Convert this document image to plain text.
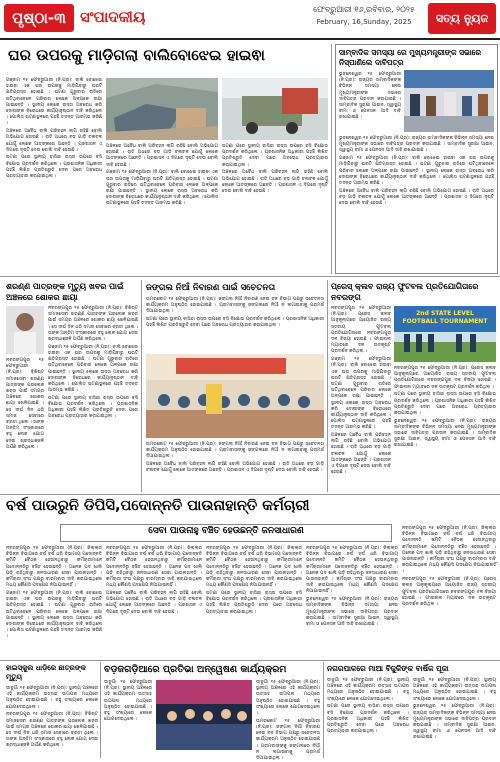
ପୃଷ୍ଠା-୩ ସଂପାଦକୀୟ	ଫେବ୍ରୁଆରୀ ୧୬,ରବିବାର, ୨୦୨୫
February, 16,Sunday, 2025	ସତ୍ୟ ନ୍ୟୁଜ
ଘର ଉପରକୁ ମାଡ଼ିଗଲା ବାଲିବୋଝେଇ ହାଇଵା

ଗଞ୍ଜାମ ୧୫ ଫେବ୍ରୁଆରୀ (ନି.ପ୍ର): ବାଲି ବୋଝେଇ ହାଇଵା ଏକ ଘର ଉପରକୁ ମାଡ଼ିଯିବାରୁ ଘରଟି କ୍ଷତିଗ୍ରସ୍ତ ହୋଇଛି । ଘଟଣା ଗୁରୁବାର ରାତିରେ ଘଟିଥିବାବେଳେ ପରିବାର ଲୋକେ ଅଳ୍ପକେ ରକ୍ଷା ପାଇଛନ୍ତି । ସ୍ଥାନୀୟ ଲୋକେ ରାସ୍ତା ଅବରୋଧ କରି ଦୋଷୀଙ୍କ ବିରୋଧରେ କାର୍ଯ୍ୟାନୁଷ୍ଠାନ ଦାବି କରିଥିଲେ । ପୋଲିସ ଘଟଣାସ୍ଥଳରେ ପହଞ୍ଚି ତଦନ୍ତ ଆରମ୍ଭ କରିଛି ।

ଅଞ୍ଚଳରେ ଅବୈଧ ବାଲି ପରିବହନ ଲାଗି ରହିଛି ବୋଲି ଅଭିଯୋଗ ହୋଇଛି । ରାତି ଅଧରେ ବଡ଼ ଗାଡ଼ି ଚଳାଚଳ ଯୋଗୁଁ ଲୋକେ ଆତଙ୍କରେ ଅଛନ୍ତି । ପ୍ରଶାସନ ଏ ଦିଗରେ ଦୃଷ୍ଟି ଦେଉ ବୋଲି ଦାବି ହେଉଛି ।

ଘଟଣା ପରେ ସ୍ଥାନୀୟ ବାସିନ୍ଦା ରାସ୍ତା ଉପରେ ବସି ବିକ୍ଷୋଭ ପ୍ରଦର୍ଶନ କରିଥିଲେ । ପ୍ରଶାସନିକ ଅଧିକାରୀ ପହଞ୍ଚି ଲିଖିତ ପ୍ରତିଶ୍ରୁତି ଦେବା ପରେ ଅବରୋଧ ପ୍ରତ୍ୟାହାର କରାଯାଇଥିଲା ।

ଅଞ୍ଚଳରେ ଅବୈଧ ବାଲି ପରିବହନ ଲାଗି ରହିଛି ବୋଲି ଅଭିଯୋଗ ହୋଇଛି । ରାତି ଅଧରେ ବଡ଼ ଗାଡ଼ି ଚଳାଚଳ ଯୋଗୁଁ ଲୋକେ ଆତଙ୍କରେ ଅଛନ୍ତି । ପ୍ରଶାସନ ଏ ଦିଗରେ ଦୃଷ୍ଟି ଦେଉ ବୋଲି ଦାବି ହେଉଛି ।

ଗଞ୍ଜାମ ୧୫ ଫେବ୍ରୁଆରୀ (ନି.ପ୍ର): ବାଲି ବୋଝେଇ ହାଇଵା ଏକ ଘର ଉପରକୁ ମାଡ଼ିଯିବାରୁ ଘରଟି କ୍ଷତିଗ୍ରସ୍ତ ହୋଇଛି । ଘଟଣା ଗୁରୁବାର ରାତିରେ ଘଟିଥିବାବେଳେ ପରିବାର ଲୋକେ ଅଳ୍ପକେ ରକ୍ଷା ପାଇଛନ୍ତି । ସ୍ଥାନୀୟ ଲୋକେ ରାସ୍ତା ଅବରୋଧ କରି ଦୋଷୀଙ୍କ ବିରୋଧରେ କାର୍ଯ୍ୟାନୁଷ୍ଠାନ ଦାବି କରିଥିଲେ । ପୋଲିସ ଘଟଣାସ୍ଥଳରେ ପହଞ୍ଚି ତଦନ୍ତ ଆରମ୍ଭ କରିଛି ।

ଘଟଣା ପରେ ସ୍ଥାନୀୟ ବାସିନ୍ଦା ରାସ୍ତା ଉପରେ ବସି ବିକ୍ଷୋଭ ପ୍ରଦର୍ଶନ କରିଥିଲେ । ପ୍ରଶାସନିକ ଅଧିକାରୀ ପହଞ୍ଚି ଲିଖିତ ପ୍ରତିଶ୍ରୁତି ଦେବା ପରେ ଅବରୋଧ ପ୍ରତ୍ୟାହାର କରାଯାଇଥିଲା ।

ଅଞ୍ଚଳରେ ଅବୈଧ ବାଲି ପରିବହନ ଲାଗି ରହିଛି ବୋଲି ଅଭିଯୋଗ ହୋଇଛି । ରାତି ଅଧରେ ବଡ଼ ଗାଡ଼ି ଚଳାଚଳ ଯୋଗୁଁ ଲୋକେ ଆତଙ୍କରେ ଅଛନ୍ତି । ପ୍ରଶାସନ ଏ ଦିଗରେ ଦୃଷ୍ଟି ଦେଉ ବୋଲି ଦାବି ହେଉଛି ।

ସାମ୍ବାଦିକ ସମସ୍ୟା ରେ ମୁଖ୍ୟମନ୍ତ୍ରୀଙ୍କ ସଭାରେ ନିସ୍ପାଣିଲେ ଦାବିପତ୍ର

ଭୁବନେଶ୍ୱର ୧୫ ଫେବ୍ରୁଆରୀ (ନି.ପ୍ର): ରାଜ୍ୟର ସାମ୍ବାଦିକଙ୍କ ବିଭିନ୍ନ ସମସ୍ୟା ନେଇ ମୁଖ୍ୟମନ୍ତ୍ରୀଙ୍କ ସଭାରେ ଦାବିପତ୍ର ପ୍ରଦାନ କରାଯାଇଛି । ସାମ୍ବାଦିକ ସୁରକ୍ଷା ଆଇନ, ସ୍ୱାସ୍ଥ୍ୟ ବୀମା ଓ ପେନସନ ଆଦି ଦାବି ରଖାଯାଇଛି ।

ଭୁବନେଶ୍ୱର ୧୫ ଫେବ୍ରୁଆରୀ (ନି.ପ୍ର): ରାଜ୍ୟର ସାମ୍ବାଦିକଙ୍କ ବିଭିନ୍ନ ସମସ୍ୟା ନେଇ ମୁଖ୍ୟମନ୍ତ୍ରୀଙ୍କ ସଭାରେ ଦାବିପତ୍ର ପ୍ରଦାନ କରାଯାଇଛି । ସାମ୍ବାଦିକ ସୁରକ୍ଷା ଆଇନ, ସ୍ୱାସ୍ଥ୍ୟ ବୀମା ଓ ପେନସନ ଆଦି ଦାବି ରଖାଯାଇଛି ।

ଗଞ୍ଜାମ ୧୫ ଫେବ୍ରୁଆରୀ (ନି.ପ୍ର): ବାଲି ବୋଝେଇ ହାଇଵା ଏକ ଘର ଉପରକୁ ମାଡ଼ିଯିବାରୁ ଘରଟି କ୍ଷତିଗ୍ରସ୍ତ ହୋଇଛି । ଘଟଣା ଗୁରୁବାର ରାତିରେ ଘଟିଥିବାବେଳେ ପରିବାର ଲୋକେ ଅଳ୍ପକେ ରକ୍ଷା ପାଇଛନ୍ତି । ସ୍ଥାନୀୟ ଲୋକେ ରାସ୍ତା ଅବରୋଧ କରି ଦୋଷୀଙ୍କ ବିରୋଧରେ କାର୍ଯ୍ୟାନୁଷ୍ଠାନ ଦାବି କରିଥିଲେ । ପୋଲିସ ଘଟଣାସ୍ଥଳରେ ପହଞ୍ଚି ତଦନ୍ତ ଆରମ୍ଭ କରିଛି ।

ଅଞ୍ଚଳରେ ଅବୈଧ ବାଲି ପରିବହନ ଲାଗି ରହିଛି ବୋଲି ଅଭିଯୋଗ ହୋଇଛି । ରାତି ଅଧରେ ବଡ଼ ଗାଡ଼ି ଚଳାଚଳ ଯୋଗୁଁ ଲୋକେ ଆତଙ୍କରେ ଅଛନ୍ତି । ପ୍ରଶାସନ ଏ ଦିଗରେ ଦୃଷ୍ଟି ଦେଉ ବୋଲି ଦାବି ହେଉଛି ।

ଶରଣ୍ଣ ପାତ୍ରଙ୍କ ମୃତ୍ୟୁ ଖବର ପାଇଁ ଅଞ୍ଚଳରେ ଶୋକର ଛାୟା

ନବରଙ୍ଗପୁର ୧୫ ଫେବ୍ରୁଆରୀ (ନି.ପ୍ର): ବିଶିଷ୍ଟ ସମାଜସେବୀ ଶରଣ୍ଣ ପାତ୍ରଙ୍କ ପରଲୋକ ଖବର ପାଇଁ ସମଗ୍ର ଅଞ୍ଚଳରେ ଶୋକର ଛାୟା ଖେଳିଯାଇଛି । ସେ ଦୀର୍ଘ ଦିନ ଧରି ସମାଜ ସେବାରେ ବ୍ରତୀ ଥିଲେ । ତାଙ୍କ ଅନ୍ତିମ ସଂସ୍କାରରେ ବହୁ ଲୋକ ଯୋଗ ଦେଇ ଶ୍ରଦ୍ଧାଞ୍ଜଳି ଅର୍ପଣ କରିଥିଲେ ।

ଗଞ୍ଜାମ ୧୫ ଫେବ୍ରୁଆରୀ (ନି.ପ୍ର): ବାଲି ବୋଝେଇ ହାଇଵା ଏକ ଘର ଉପରକୁ ମାଡ଼ିଯିବାରୁ ଘରଟି କ୍ଷତିଗ୍ରସ୍ତ ହୋଇଛି । ଘଟଣା ଗୁରୁବାର ରାତିରେ ଘଟିଥିବାବେଳେ ପରିବାର ଲୋକେ ଅଳ୍ପକେ ରକ୍ଷା ପାଇଛନ୍ତି । ସ୍ଥାନୀୟ ଲୋକେ ରାସ୍ତା ଅବରୋଧ କରି ଦୋଷୀଙ୍କ ବିରୋଧରେ କାର୍ଯ୍ୟାନୁଷ୍ଠାନ ଦାବି କରିଥିଲେ । ପୋଲିସ ଘଟଣାସ୍ଥଳରେ ପହଞ୍ଚି ତଦନ୍ତ ଆରମ୍ଭ କରିଛି ।

ଘଟଣା ପରେ ସ୍ଥାନୀୟ ବାସିନ୍ଦା ରାସ୍ତା ଉପରେ ବସି ବିକ୍ଷୋଭ ପ୍ରଦର୍ଶନ କରିଥିଲେ । ପ୍ରଶାସନିକ ଅଧିକାରୀ ପହଞ୍ଚି ଲିଖିତ ପ୍ରତିଶ୍ରୁତି ଦେବା ପରେ ଅବରୋଧ ପ୍ରତ୍ୟାହାର କରାଯାଇଥିଲା ।

ନବରଙ୍ଗପୁର ୧୫ ଫେବ୍ରୁଆରୀ (ନି.ପ୍ର): ବିଶିଷ୍ଟ ସମାଜସେବୀ ଶରଣ୍ଣ ପାତ୍ରଙ୍କ ପରଲୋକ ଖବର ପାଇଁ ସମଗ୍ର ଅଞ୍ଚଳରେ ଶୋକର ଛାୟା ଖେଳିଯାଇଛି । ସେ ଦୀର୍ଘ ଦିନ ଧରି ସମାଜ ସେବାରେ ବ୍ରତୀ ଥିଲେ । ତାଙ୍କ ଅନ୍ତିମ ସଂସ୍କାରରେ ବହୁ ଲୋକ ଯୋଗ ଦେଇ ଶ୍ରଦ୍ଧାଞ୍ଜଳି ଅର୍ପଣ କରିଥିଲେ ।

ଜଙ୍ଗଲ ନିଆଁ ନିବାରଣ ପାଇଁ ସଚେତନତା

ଉମରକୋଟ ୧୫ ଫେବ୍ରୁଆରୀ (ନି.ପ୍ର): ଜଙ୍ଗଲ ନିଆଁ ନିବାରଣ ନେଇ ବନ ବିଭାଗ ପକ୍ଷରୁ ସଚେତନତା କାର୍ଯ୍ୟକ୍ରମ ଅନୁଷ୍ଠିତ ହୋଇଯାଇଛି । ଗ୍ରାମବାସୀଙ୍କୁ ଜଙ୍ଗଲରେ ନିଆଁ ନ ଲଗାଇବାକୁ ପରାମର୍ଶ ଦିଆଯାଇଥିଲା ।

ଘଟଣା ପରେ ସ୍ଥାନୀୟ ବାସିନ୍ଦା ରାସ୍ତା ଉପରେ ବସି ବିକ୍ଷୋଭ ପ୍ରଦର୍ଶନ କରିଥିଲେ । ପ୍ରଶାସନିକ ଅଧିକାରୀ ପହଞ୍ଚି ଲିଖିତ ପ୍ରତିଶ୍ରୁତି ଦେବା ପରେ ଅବରୋଧ ପ୍ରତ୍ୟାହାର କରାଯାଇଥିଲା ।

ଉମରକୋଟ ୧୫ ଫେବ୍ରୁଆରୀ (ନି.ପ୍ର): ଜଙ୍ଗଲ ନିଆଁ ନିବାରଣ ନେଇ ବନ ବିଭାଗ ପକ୍ଷରୁ ସଚେତନତା କାର୍ଯ୍ୟକ୍ରମ ଅନୁଷ୍ଠିତ ହୋଇଯାଇଛି । ଗ୍ରାମବାସୀଙ୍କୁ ଜଙ୍ଗଲରେ ନିଆଁ ନ ଲଗାଇବାକୁ ପରାମର୍ଶ ଦିଆଯାଇଥିଲା ।

ଅଞ୍ଚଳରେ ଅବୈଧ ବାଲି ପରିବହନ ଲାଗି ରହିଛି ବୋଲି ଅଭିଯୋଗ ହୋଇଛି । ରାତି ଅଧରେ ବଡ଼ ଗାଡ଼ି ଚଳାଚଳ ଯୋଗୁଁ ଲୋକେ ଆତଙ୍କରେ ଅଛନ୍ତି । ପ୍ରଶାସନ ଏ ଦିଗରେ ଦୃଷ୍ଟି ଦେଉ ବୋଲି ଦାବି ହେଉଛି ।

ପ୍ରେସ୍ କ୍ଲବ ରାଜ୍ୟ ଫୁଟବଲ ପ୍ରତିଯୋଗିତାରେ ନବରଙ୍ଗ

ନବରଙ୍ଗପୁର ୧୫ ଫେବ୍ରୁଆରୀ (ନି.ପ୍ର): ପ୍ରେସ୍ କ୍ଲବ ଆନୁକୂଲ୍ୟରେ ଆୟୋଜିତ ରାଜ୍ୟ ସ୍ତରୀୟ ଫୁଟବଲ ପ୍ରତିଯୋଗିତାରେ ନବରଙ୍ଗପୁର ଦଳ ବିଜୟୀ ହୋଇଛି । ଫାଇନାଲ ମ୍ୟାଚରେ ଦଳ ଉତ୍କୃଷ୍ଟ ପ୍ରଦର୍ଶନ କରିଥିଲା ।

ଗଞ୍ଜାମ ୧୫ ଫେବ୍ରୁଆରୀ (ନି.ପ୍ର): ବାଲି ବୋଝେଇ ହାଇଵା ଏକ ଘର ଉପରକୁ ମାଡ଼ିଯିବାରୁ ଘରଟି କ୍ଷତିଗ୍ରସ୍ତ ହୋଇଛି । ଘଟଣା ଗୁରୁବାର ରାତିରେ ଘଟିଥିବାବେଳେ ପରିବାର ଲୋକେ ଅଳ୍ପକେ ରକ୍ଷା ପାଇଛନ୍ତି । ସ୍ଥାନୀୟ ଲୋକେ ରାସ୍ତା ଅବରୋଧ କରି ଦୋଷୀଙ୍କ ବିରୋଧରେ କାର୍ଯ୍ୟାନୁଷ୍ଠାନ ଦାବି କରିଥିଲେ । ପୋଲିସ ଘଟଣାସ୍ଥଳରେ ପହଞ୍ଚି ତଦନ୍ତ ଆରମ୍ଭ କରିଛି ।

ଅଞ୍ଚଳରେ ଅବୈଧ ବାଲି ପରିବହନ ଲାଗି ରହିଛି ବୋଲି ଅଭିଯୋଗ ହୋଇଛି । ରାତି ଅଧରେ ବଡ଼ ଗାଡ଼ି ଚଳାଚଳ ଯୋଗୁଁ ଲୋକେ ଆତଙ୍କରେ ଅଛନ୍ତି । ପ୍ରଶାସନ ଏ ଦିଗରେ ଦୃଷ୍ଟି ଦେଉ ବୋଲି ଦାବି ହେଉଛି ।

2nd STATE LEVEL FOOTBALL TOURNAMENT

ନବରଙ୍ଗପୁର ୧୫ ଫେବ୍ରୁଆରୀ (ନି.ପ୍ର): ପ୍ରେସ୍ କ୍ଲବ ଆନୁକୂଲ୍ୟରେ ଆୟୋଜିତ ରାଜ୍ୟ ସ୍ତରୀୟ ଫୁଟବଲ ପ୍ରତିଯୋଗିତାରେ ନବରଙ୍ଗପୁର ଦଳ ବିଜୟୀ ହୋଇଛି । ଫାଇନାଲ ମ୍ୟାଚରେ ଦଳ ଉତ୍କୃଷ୍ଟ ପ୍ରଦର୍ଶନ କରିଥିଲା ।

ଘଟଣା ପରେ ସ୍ଥାନୀୟ ବାସିନ୍ଦା ରାସ୍ତା ଉପରେ ବସି ବିକ୍ଷୋଭ ପ୍ରଦର୍ଶନ କରିଥିଲେ । ପ୍ରଶାସନିକ ଅଧିକାରୀ ପହଞ୍ଚି ଲିଖିତ ପ୍ରତିଶ୍ରୁତି ଦେବା ପରେ ଅବରୋଧ ପ୍ରତ୍ୟାହାର କରାଯାଇଥିଲା ।

ଭୁବନେଶ୍ୱର ୧୫ ଫେବ୍ରୁଆରୀ (ନି.ପ୍ର): ରାଜ୍ୟର ସାମ୍ବାଦିକଙ୍କ ବିଭିନ୍ନ ସମସ୍ୟା ନେଇ ମୁଖ୍ୟମନ୍ତ୍ରୀଙ୍କ ସଭାରେ ଦାବିପତ୍ର ପ୍ରଦାନ କରାଯାଇଛି । ସାମ୍ବାଦିକ ସୁରକ୍ଷା ଆଇନ, ସ୍ୱାସ୍ଥ୍ୟ ବୀମା ଓ ପେନସନ ଆଦି ଦାବି ରଖାଯାଇଛି ।

ବର୍ଷ ପାଉରୁନି ଡିପିସି,ପଦୋନ୍ନତି ପାଉନାହାନ୍ତି କର୍ମଚାରୀ
ସେବା ପାଉନାହୁ ବଞ୍ଚିତ ହେଉଛନ୍ତି ଜନସାଧାରଣ

ନବରଙ୍ଗପୁର ୧୫ ଫେବ୍ରୁଆରୀ (ନି.ପ୍ର): ଜିଲ୍ଲାର ବିଭିନ୍ନ ବିଭାଗରେ ବର୍ଷ ବର୍ଷ ଧରି ବିଭାଗୀୟ ପଦୋନ୍ନତି କମିଟି ବୈଠକ ହେଉନଥିବାରୁ କର୍ମଚାରୀମାନେ ପଦୋନ୍ନତିରୁ ବଞ୍ଚିତ ହେଉଛନ୍ତି । ଅନେକ ପଦ ଖାଲି ପଡ଼ି ରହିଥିବାରୁ ଜନସାଧାରଣ ସେବା ପାଉନାହାନ୍ତି । କର୍ମଚାରୀ ସଂଘ ପକ୍ଷରୁ ବାରମ୍ବାର ଦାବି କରାଯାଇଥିଲେ ମଧ୍ୟ କୌଣସି ପଦକ୍ଷେପ ନିଆଯାଇନାହିଁ ।

ଗଞ୍ଜାମ ୧୫ ଫେବ୍ରୁଆରୀ (ନି.ପ୍ର): ବାଲି ବୋଝେଇ ହାଇଵା ଏକ ଘର ଉପରକୁ ମାଡ଼ିଯିବାରୁ ଘରଟି କ୍ଷତିଗ୍ରସ୍ତ ହୋଇଛି । ଘଟଣା ଗୁରୁବାର ରାତିରେ ଘଟିଥିବାବେଳେ ପରିବାର ଲୋକେ ଅଳ୍ପକେ ରକ୍ଷା ପାଇଛନ୍ତି । ସ୍ଥାନୀୟ ଲୋକେ ରାସ୍ତା ଅବରୋଧ କରି ଦୋଷୀଙ୍କ ବିରୋଧରେ କାର୍ଯ୍ୟାନୁଷ୍ଠାନ ଦାବି କରିଥିଲେ । ପୋଲିସ ଘଟଣାସ୍ଥଳରେ ପହଞ୍ଚି ତଦନ୍ତ ଆରମ୍ଭ କରିଛି ।

ନବରଙ୍ଗପୁର ୧୫ ଫେବ୍ରୁଆରୀ (ନି.ପ୍ର): ଜିଲ୍ଲାର ବିଭିନ୍ନ ବିଭାଗରେ ବର୍ଷ ବର୍ଷ ଧରି ବିଭାଗୀୟ ପଦୋନ୍ନତି କମିଟି ବୈଠକ ହେଉନଥିବାରୁ କର୍ମଚାରୀମାନେ ପଦୋନ୍ନତିରୁ ବଞ୍ଚିତ ହେଉଛନ୍ତି । ଅନେକ ପଦ ଖାଲି ପଡ଼ି ରହିଥିବାରୁ ଜନସାଧାରଣ ସେବା ପାଉନାହାନ୍ତି । କର୍ମଚାରୀ ସଂଘ ପକ୍ଷରୁ ବାରମ୍ବାର ଦାବି କରାଯାଇଥିଲେ ମଧ୍ୟ କୌଣସି ପଦକ୍ଷେପ ନିଆଯାଇନାହିଁ ।

ଅଞ୍ଚଳରେ ଅବୈଧ ବାଲି ପରିବହନ ଲାଗି ରହିଛି ବୋଲି ଅଭିଯୋଗ ହୋଇଛି । ରାତି ଅଧରେ ବଡ଼ ଗାଡ଼ି ଚଳାଚଳ ଯୋଗୁଁ ଲୋକେ ଆତଙ୍କରେ ଅଛନ୍ତି । ପ୍ରଶାସନ ଏ ଦିଗରେ ଦୃଷ୍ଟି ଦେଉ ବୋଲି ଦାବି ହେଉଛି ।

ନବରଙ୍ଗପୁର ୧୫ ଫେବ୍ରୁଆରୀ (ନି.ପ୍ର): ଜିଲ୍ଲାର ବିଭିନ୍ନ ବିଭାଗରେ ବର୍ଷ ବର୍ଷ ଧରି ବିଭାଗୀୟ ପଦୋନ୍ନତି କମିଟି ବୈଠକ ହେଉନଥିବାରୁ କର୍ମଚାରୀମାନେ ପଦୋନ୍ନତିରୁ ବଞ୍ଚିତ ହେଉଛନ୍ତି । ଅନେକ ପଦ ଖାଲି ପଡ଼ି ରହିଥିବାରୁ ଜନସାଧାରଣ ସେବା ପାଉନାହାନ୍ତି । କର୍ମଚାରୀ ସଂଘ ପକ୍ଷରୁ ବାରମ୍ବାର ଦାବି କରାଯାଇଥିଲେ ମଧ୍ୟ କୌଣସି ପଦକ୍ଷେପ ନିଆଯାଇନାହିଁ ।

ଘଟଣା ପରେ ସ୍ଥାନୀୟ ବାସିନ୍ଦା ରାସ୍ତା ଉପରେ ବସି ବିକ୍ଷୋଭ ପ୍ରଦର୍ଶନ କରିଥିଲେ । ପ୍ରଶାସନିକ ଅଧିକାରୀ ପହଞ୍ଚି ଲିଖିତ ପ୍ରତିଶ୍ରୁତି ଦେବା ପରେ ଅବରୋଧ ପ୍ରତ୍ୟାହାର କରାଯାଇଥିଲା ।

ନବରଙ୍ଗପୁର ୧୫ ଫେବ୍ରୁଆରୀ (ନି.ପ୍ର): ଜିଲ୍ଲାର ବିଭିନ୍ନ ବିଭାଗରେ ବର୍ଷ ବର୍ଷ ଧରି ବିଭାଗୀୟ ପଦୋନ୍ନତି କମିଟି ବୈଠକ ହେଉନଥିବାରୁ କର୍ମଚାରୀମାନେ ପଦୋନ୍ନତିରୁ ବଞ୍ଚିତ ହେଉଛନ୍ତି । ଅନେକ ପଦ ଖାଲି ପଡ଼ି ରହିଥିବାରୁ ଜନସାଧାରଣ ସେବା ପାଉନାହାନ୍ତି । କର୍ମଚାରୀ ସଂଘ ପକ୍ଷରୁ ବାରମ୍ବାର ଦାବି କରାଯାଇଥିଲେ ମଧ୍ୟ କୌଣସି ପଦକ୍ଷେପ ନିଆଯାଇନାହିଁ ।

ଭୁବନେଶ୍ୱର ୧୫ ଫେବ୍ରୁଆରୀ (ନି.ପ୍ର): ରାଜ୍ୟର ସାମ୍ବାଦିକଙ୍କ ବିଭିନ୍ନ ସମସ୍ୟା ନେଇ ମୁଖ୍ୟମନ୍ତ୍ରୀଙ୍କ ସଭାରେ ଦାବିପତ୍ର ପ୍ରଦାନ କରାଯାଇଛି । ସାମ୍ବାଦିକ ସୁରକ୍ଷା ଆଇନ, ସ୍ୱାସ୍ଥ୍ୟ ବୀମା ଓ ପେନସନ ଆଦି ଦାବି ରଖାଯାଇଛି ।

ନବରଙ୍ଗପୁର ୧୫ ଫେବ୍ରୁଆରୀ (ନି.ପ୍ର): ଜିଲ୍ଲାର ବିଭିନ୍ନ ବିଭାଗରେ ବର୍ଷ ବର୍ଷ ଧରି ବିଭାଗୀୟ ପଦୋନ୍ନତି କମିଟି ବୈଠକ ହେଉନଥିବାରୁ କର୍ମଚାରୀମାନେ ପଦୋନ୍ନତିରୁ ବଞ୍ଚିତ ହେଉଛନ୍ତି । ଅନେକ ପଦ ଖାଲି ପଡ଼ି ରହିଥିବାରୁ ଜନସାଧାରଣ ସେବା ପାଉନାହାନ୍ତି । କର୍ମଚାରୀ ସଂଘ ପକ୍ଷରୁ ବାରମ୍ବାର ଦାବି କରାଯାଇଥିଲେ ମଧ୍ୟ କୌଣସି ପଦକ୍ଷେପ ନିଆଯାଇନାହିଁ ।

ନବରଙ୍ଗପୁର ୧୫ ଫେବ୍ରୁଆରୀ (ନି.ପ୍ର): ପ୍ରେସ୍ କ୍ଲବ ଆନୁକୂଲ୍ୟରେ ଆୟୋଜିତ ରାଜ୍ୟ ସ୍ତରୀୟ ଫୁଟବଲ ପ୍ରତିଯୋଗିତାରେ ନବରଙ୍ଗପୁର ଦଳ ବିଜୟୀ ହୋଇଛି । ଫାଇନାଲ ମ୍ୟାଚରେ ଦଳ ଉତ୍କୃଷ୍ଟ ପ୍ରଦର୍ଶନ କରିଥିଲା ।

ହାଇସ୍କୁଲ ଧାଡ଼ିରେ ଛାତ୍ରଙ୍କ ମୃତ୍ୟୁ

ଡାବୁଗାଁ ୧୫ ଫେବ୍ରୁଆରୀ (ନି.ପ୍ର): ସ୍ଥାନୀୟ ଅଞ୍ଚଳରେ ଏହି କାର୍ଯ୍ୟକ୍ରମ ଉତ୍ସାହ ଉଦ୍ଦୀପନା ମଧ୍ୟରେ ଅନୁଷ୍ଠିତ ହୋଇଯାଇଛି । ବହୁ ସଂଖ୍ୟାରେ ଲୋକେ ଯୋଗଦେଇଥିଲେ ।

ନବରଙ୍ଗପୁର ୧୫ ଫେବ୍ରୁଆରୀ (ନି.ପ୍ର): ବିଶିଷ୍ଟ ସମାଜସେବୀ ଶରଣ୍ଣ ପାତ୍ରଙ୍କ ପରଲୋକ ଖବର ପାଇଁ ସମଗ୍ର ଅଞ୍ଚଳରେ ଶୋକର ଛାୟା ଖେଳିଯାଇଛି । ସେ ଦୀର୍ଘ ଦିନ ଧରି ସମାଜ ସେବାରେ ବ୍ରତୀ ଥିଲେ । ତାଙ୍କ ଅନ୍ତିମ ସଂସ୍କାରରେ ବହୁ ଲୋକ ଯୋଗ ଦେଇ ଶ୍ରଦ୍ଧାଞ୍ଜଳି ଅର୍ପଣ କରିଥିଲେ ।

ବଡ଼ଜଗଡ଼ିଆରେ ପ୍ରତିଭା ଅନ୍ୱେଷଣ କାର୍ଯ୍ୟକ୍ରମ

ଡାବୁଗାଁ ୧୫ ଫେବ୍ରୁଆରୀ (ନି.ପ୍ର): ସ୍ଥାନୀୟ ଅଞ୍ଚଳରେ ଏହି କାର୍ଯ୍ୟକ୍ରମ ଉତ୍ସାହ ଉଦ୍ଦୀପନା ମଧ୍ୟରେ ଅନୁଷ୍ଠିତ ହୋଇଯାଇଛି । ବହୁ ସଂଖ୍ୟାରେ ଲୋକେ ଯୋଗଦେଇଥିଲେ ।

ଡାବୁଗାଁ ୧୫ ଫେବ୍ରୁଆରୀ (ନି.ପ୍ର): ସ୍ଥାନୀୟ ଅଞ୍ଚଳରେ ଏହି କାର୍ଯ୍ୟକ୍ରମ ଉତ୍ସାହ ଉଦ୍ଦୀପନା ମଧ୍ୟରେ ଅନୁଷ୍ଠିତ ହୋଇଯାଇଛି । ବହୁ ସଂଖ୍ୟାରେ ଲୋକେ ଯୋଗଦେଇଥିଲେ ।

ଉମରକୋଟ ୧୫ ଫେବ୍ରୁଆରୀ (ନି.ପ୍ର): ଜଙ୍ଗଲ ନିଆଁ ନିବାରଣ ନେଇ ବନ ବିଭାଗ ପକ୍ଷରୁ ସଚେତନତା କାର୍ଯ୍ୟକ୍ରମ ଅନୁଷ୍ଠିତ ହୋଇଯାଇଛି । ଗ୍ରାମବାସୀଙ୍କୁ ଜଙ୍ଗଲରେ ନିଆଁ ନ ଲଗାଇବାକୁ ପରାମର୍ଶ ଦିଆଯାଇଥିଲା ।

ନଗରପାଳରେ ମାଆ ବିଜୁଳିଙ୍କ ବାର୍ଷିକ ପୂଜା

ଡାବୁଗାଁ ୧୫ ଫେବ୍ରୁଆରୀ (ନି.ପ୍ର): ସ୍ଥାନୀୟ ଅଞ୍ଚଳରେ ଏହି କାର୍ଯ୍ୟକ୍ରମ ଉତ୍ସାହ ଉଦ୍ଦୀପନା ମଧ୍ୟରେ ଅନୁଷ୍ଠିତ ହୋଇଯାଇଛି । ବହୁ ସଂଖ୍ୟାରେ ଲୋକେ ଯୋଗଦେଇଥିଲେ ।

ଘଟଣା ପରେ ସ୍ଥାନୀୟ ବାସିନ୍ଦା ରାସ୍ତା ଉପରେ ବସି ବିକ୍ଷୋଭ ପ୍ରଦର୍ଶନ କରିଥିଲେ । ପ୍ରଶାସନିକ ଅଧିକାରୀ ପହଞ୍ଚି ଲିଖିତ ପ୍ରତିଶ୍ରୁତି ଦେବା ପରେ ଅବରୋଧ ପ୍ରତ୍ୟାହାର କରାଯାଇଥିଲା ।

ଡାବୁଗାଁ ୧୫ ଫେବ୍ରୁଆରୀ (ନି.ପ୍ର): ସ୍ଥାନୀୟ ଅଞ୍ଚଳରେ ଏହି କାର୍ଯ୍ୟକ୍ରମ ଉତ୍ସାହ ଉଦ୍ଦୀପନା ମଧ୍ୟରେ ଅନୁଷ୍ଠିତ ହୋଇଯାଇଛି । ବହୁ ସଂଖ୍ୟାରେ ଲୋକେ ଯୋଗଦେଇଥିଲେ ।

ଭୁବନେଶ୍ୱର ୧୫ ଫେବ୍ରୁଆରୀ (ନି.ପ୍ର): ରାଜ୍ୟର ସାମ୍ବାଦିକଙ୍କ ବିଭିନ୍ନ ସମସ୍ୟା ନେଇ ମୁଖ୍ୟମନ୍ତ୍ରୀଙ୍କ ସଭାରେ ଦାବିପତ୍ର ପ୍ରଦାନ କରାଯାଇଛି । ସାମ୍ବାଦିକ ସୁରକ୍ଷା ଆଇନ, ସ୍ୱାସ୍ଥ୍ୟ ବୀମା ଓ ପେନସନ ଆଦି ଦାବି ରଖାଯାଇଛି ।
